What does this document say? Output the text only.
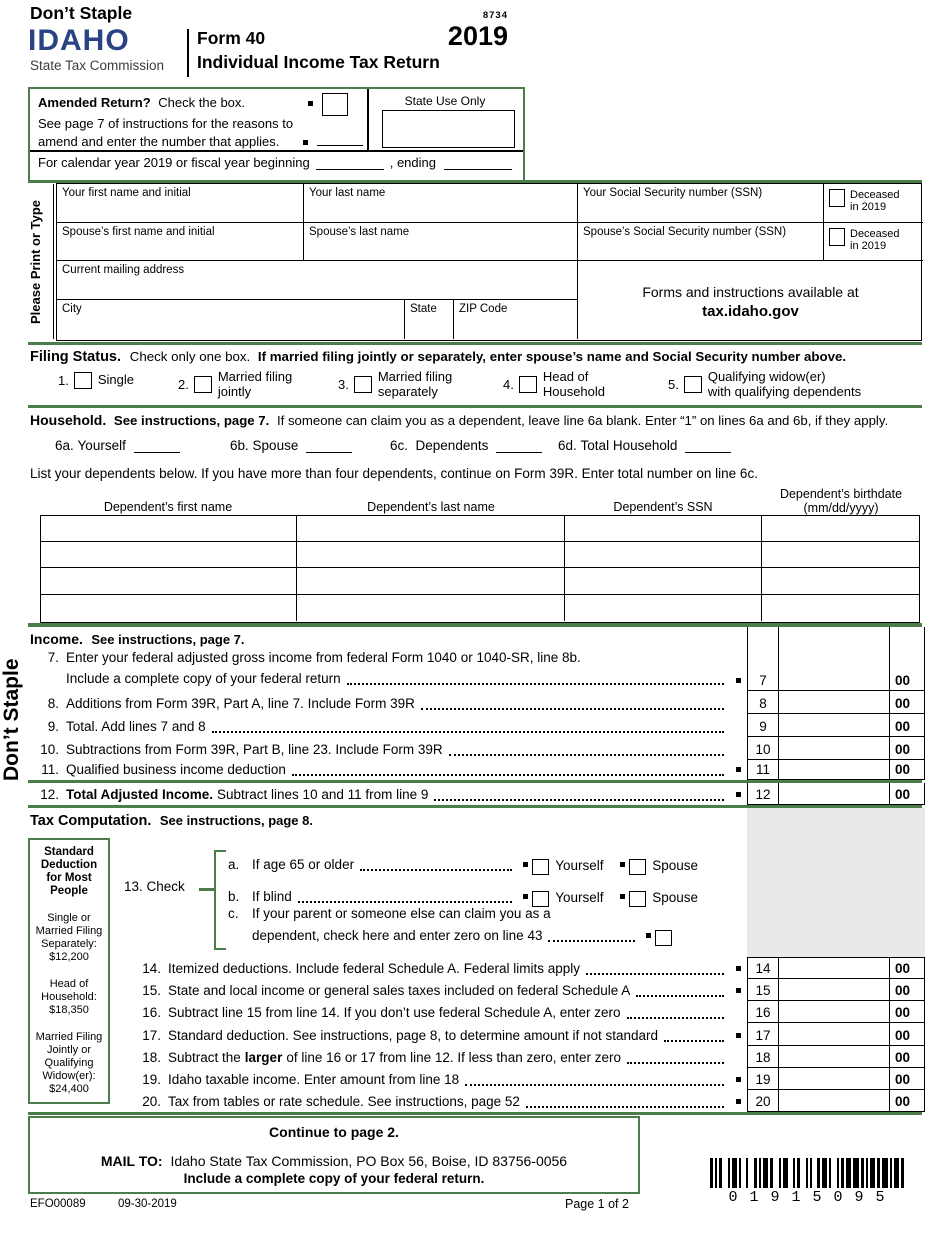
Don’t Staple	8734
2019
IDAHO
State Tax Commission
Form 40
Individual Income Tax Return
Amended Return? Check the box.
See page 7 of instructions for the reasons to
amend and enter the number that applies.
State Use Only
For calendar year 2019 or fiscal year beginning	, ending
Please Print or Type
Your first name and initial	Your last name	Your Social Security number (SSN)	Deceased
in 2019
Spouse’s first name and initial	Spouse’s last name	Spouse’s Social Security number (SSN)	Deceased
in 2019
Current mailing address
City	State	ZIP Code
Forms and instructions available at
tax.idaho.gov
Filing Status. Check only one box. If married filing jointly or separately, enter spouse’s name and Social Security number above.
1. Single	2.
Married filing
jointly	3.
Married filing
separately	4.
Head of
Household	5.
Qualifying widow(er)
with qualifying dependents
Household. See instructions, page 7. If someone can claim you as a dependent, leave line 6a blank. Enter “1” on lines 6a and 6b, if they apply.
6a.
Yourself	6b.
Spouse	6c.
Dependents	6d.
Total Household
List your dependents below. If you have more than four dependents, continue on Form 39R. Enter total number on line 6c.
Dependent’s first name	Dependent’s last name	Dependent’s SSN
Dependent’s birthdate
(mm/dd/yyyy)
Income. See instructions, page 7.
Don’t Staple
7. Enter your federal adjusted gross income from federal Form 1040 or 1040-SR, line 8b.
Include a complete copy of your federal return	7	00
8. Additions from Form 39R, Part A, line 7. Include Form 39R	8	00
9. Total. Add lines 7 and 8	9	00
10. Subtractions from Form 39R, Part B, line 23. Include Form 39R	10	00
11. Qualified business income deduction	11	00
12. Total Adjusted Income. Subtract lines 10 and 11 from line 9	12	00
Tax Computation. See instructions, page 8.
Standard Deduction for Most People
Single or Married Filing Separately: $12,200
Head of Household: $18,350
Married Filing Jointly or Qualifying Widow(er): $24,400
13. Check
a. If age 65 or older	Yourself	Spouse
b. If blind	Yourself	Spouse
c. If your parent or someone else can claim you as a
dependent, check here and enter zero on line 43
14. Itemized deductions. Include federal Schedule A. Federal limits apply	14	00
15. State and local income or general sales taxes included on federal Schedule A	15	00
16. Subtract line 15 from line 14. If you don’t use federal Schedule A, enter zero	16	00
17. Standard deduction. See instructions, page 8, to determine amount if not standard	17	00
18. Subtract the larger of line 16 or 17 from line 12. If less than zero, enter zero	18	00
19. Idaho taxable income. Enter amount from line 18	19	00
20. Tax from tables or rate schedule. See instructions, page 52	20	00
Continue to page 2.
MAIL TO: Idaho State Tax Commission, PO Box 56, Boise, ID 83756-0056
Include a complete copy of your federal return.
EFO00089	09-30-2019	Page 1 of 2	01915095
